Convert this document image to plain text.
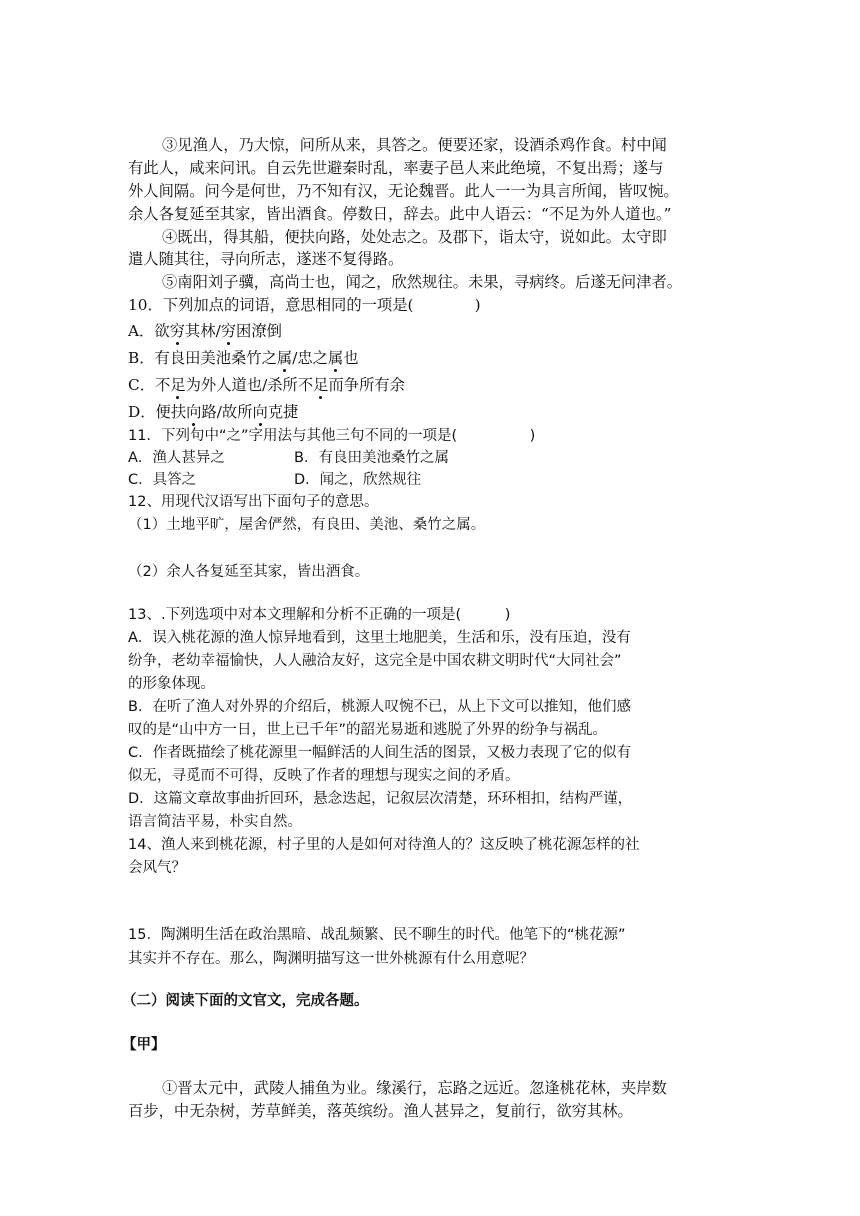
③见渔人，乃大惊，问所从来，具答之。便要还家，设酒杀鸡作食。村中闻
有此人，咸来问讯。自云先世避秦时乱，率妻子邑人来此绝境，不复出焉；遂与
外人间隔。问今是何世，乃不知有汉，无论魏晋。此人一一为具言所闻，皆叹惋。
余人各复延至其家，皆出酒食。停数日，辞去。此中人语云：“不足为外人道也。”
④既出，得其船，便扶向路，处处志之。及郡下，诣太守，说如此。太守即
遣人随其往，寻向所志，遂迷不复得路。
⑤南阳刘子骥，高尚士也，闻之，欣然规往。未果，寻病终。后遂无问津者。
10．下列加点的词语，意思相同的一项是(　　　　)
A．欲穷其林/穷困潦倒
B．有良田美池桑竹之属/忠之属也
C．不足为外人道也/杀所不足而争所有余
D．便扶向路/故所向克捷
11．下列句中“之”字用法与其他三句不同的一项是(　　　　　)
A．渔人甚异之	B．有良田美池桑竹之属
C．具答之	D．闻之，欣然规往
12、用现代汉语写出下面句子的意思。
（1）土地平旷，屋舍俨然，有良田、美池、桑竹之属。
（2）余人各复延至其家，皆出酒食。
13、.下列选项中对本文理解和分析不正确的一项是(　　　)
A．误入桃花源的渔人惊异地看到，这里土地肥美，生活和乐，没有压迫，没有
纷争，老幼幸福愉快，人人融洽友好，这完全是中国农耕文明时代“大同社会”
的形象体现。
B．在听了渔人对外界的介绍后，桃源人叹惋不已，从上下文可以推知，他们感
叹的是“山中方一日，世上已千年”的韶光易逝和逃脱了外界的纷争与祸乱。
C．作者既描绘了桃花源里一幅鲜活的人间生活的图景，又极力表现了它的似有
似无，寻觅而不可得，反映了作者的理想与现实之间的矛盾。
D．这篇文章故事曲折回环，悬念迭起，记叙层次清楚，环环相扣，结构严谨，
语言简洁平易，朴实自然。
14、渔人来到桃花源，村子里的人是如何对待渔人的？这反映了桃花源怎样的社
会风气？
15．陶渊明生活在政治黑暗、战乱频繁、民不聊生的时代。他笔下的“桃花源”
其实并不存在。那么，陶渊明描写这一世外桃源有什么用意呢？
（二）阅读下面的文官文，完成各题。
【甲】
①晋太元中，武陵人捕鱼为业。缘溪行，忘路之远近。忽逢桃花林，夹岸数
百步，中无杂树，芳草鲜美，落英缤纷。渔人甚异之，复前行，欲穷其林。
